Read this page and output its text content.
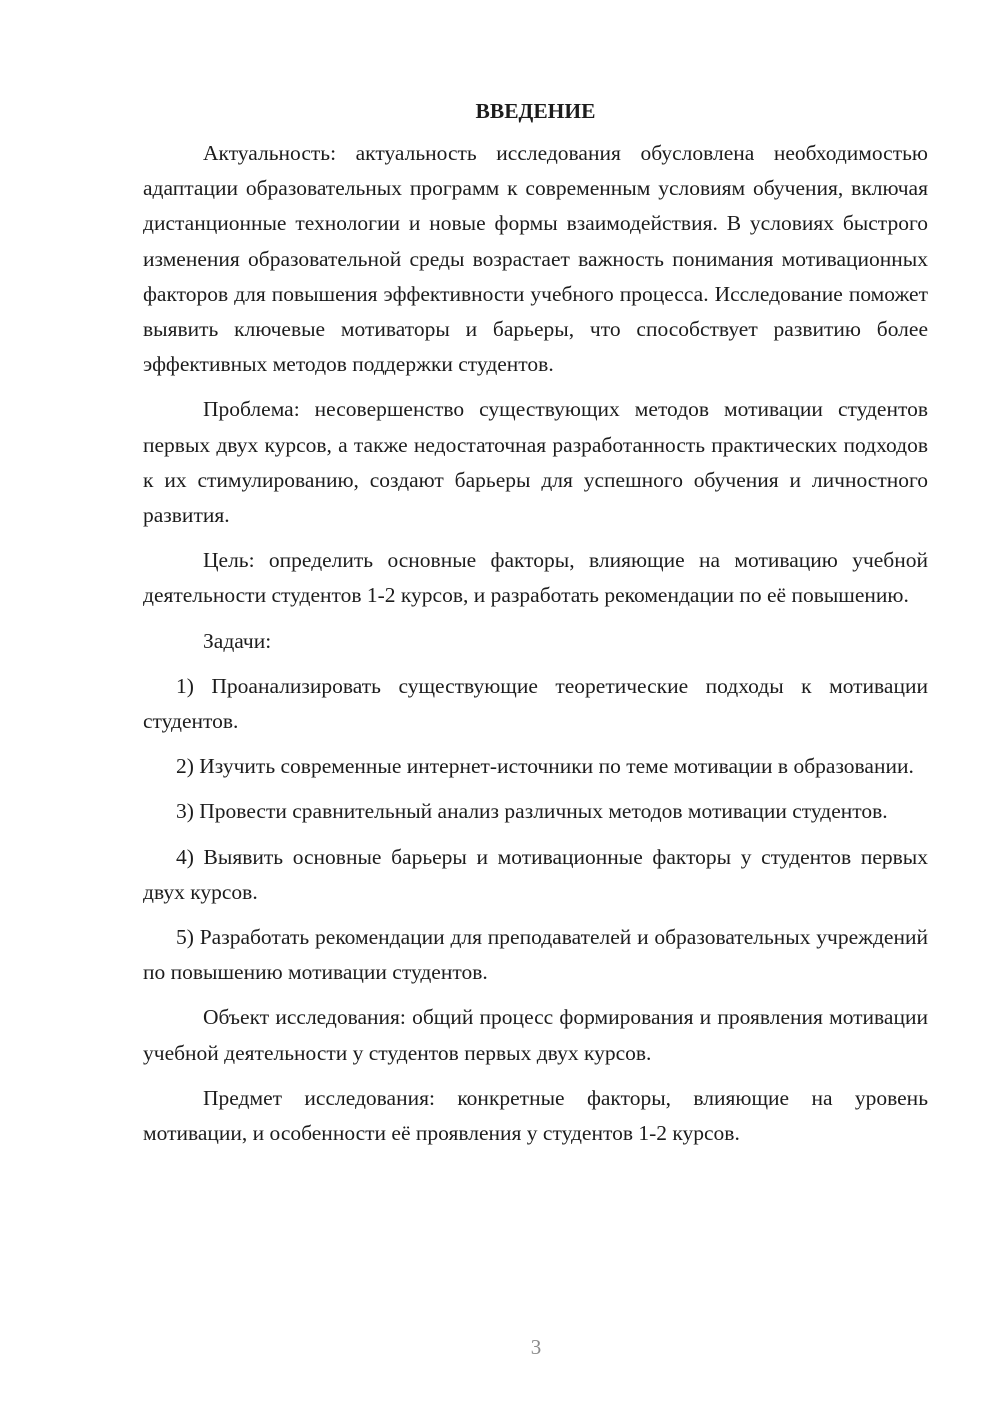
ВВЕДЕНИЕ

Актуальность: актуальность исследования обусловлена необходимостью адаптации образовательных программ к современным условиям обучения, включая дистанционные технологии и новые формы взаимодействия. В условиях быстрого изменения образовательной среды возрастает важность понимания мотивационных факторов для повышения эффективности учебного процесса. Исследование поможет выявить ключевые мотиваторы и барьеры, что способствует развитию более эффективных методов поддержки студентов.

Проблема: несовершенство существующих методов мотивации студентов первых двух курсов, а также недостаточная разработанность практических подходов к их стимулированию, создают барьеры для успешного обучения и личностного развития.

Цель: определить основные факторы, влияющие на мотивацию учебной деятельности студентов 1-2 курсов, и разработать рекомендации по её повышению.

Задачи:

1) Проанализировать существующие теоретические подходы к мотивации студентов.

2) Изучить современные интернет-источники по теме мотивации в образовании.

3) Провести сравнительный анализ различных методов мотивации студентов.

4) Выявить основные барьеры и мотивационные факторы у студентов первых двух курсов.

5) Разработать рекомендации для преподавателей и образовательных учреждений по повышению мотивации студентов.

Объект исследования: общий процесс формирования и проявления мотивации учебной деятельности у студентов первых двух курсов.

Предмет исследования: конкретные факторы, влияющие на уровень мотивации, и особенности её проявления у студентов 1-2 курсов.

3
